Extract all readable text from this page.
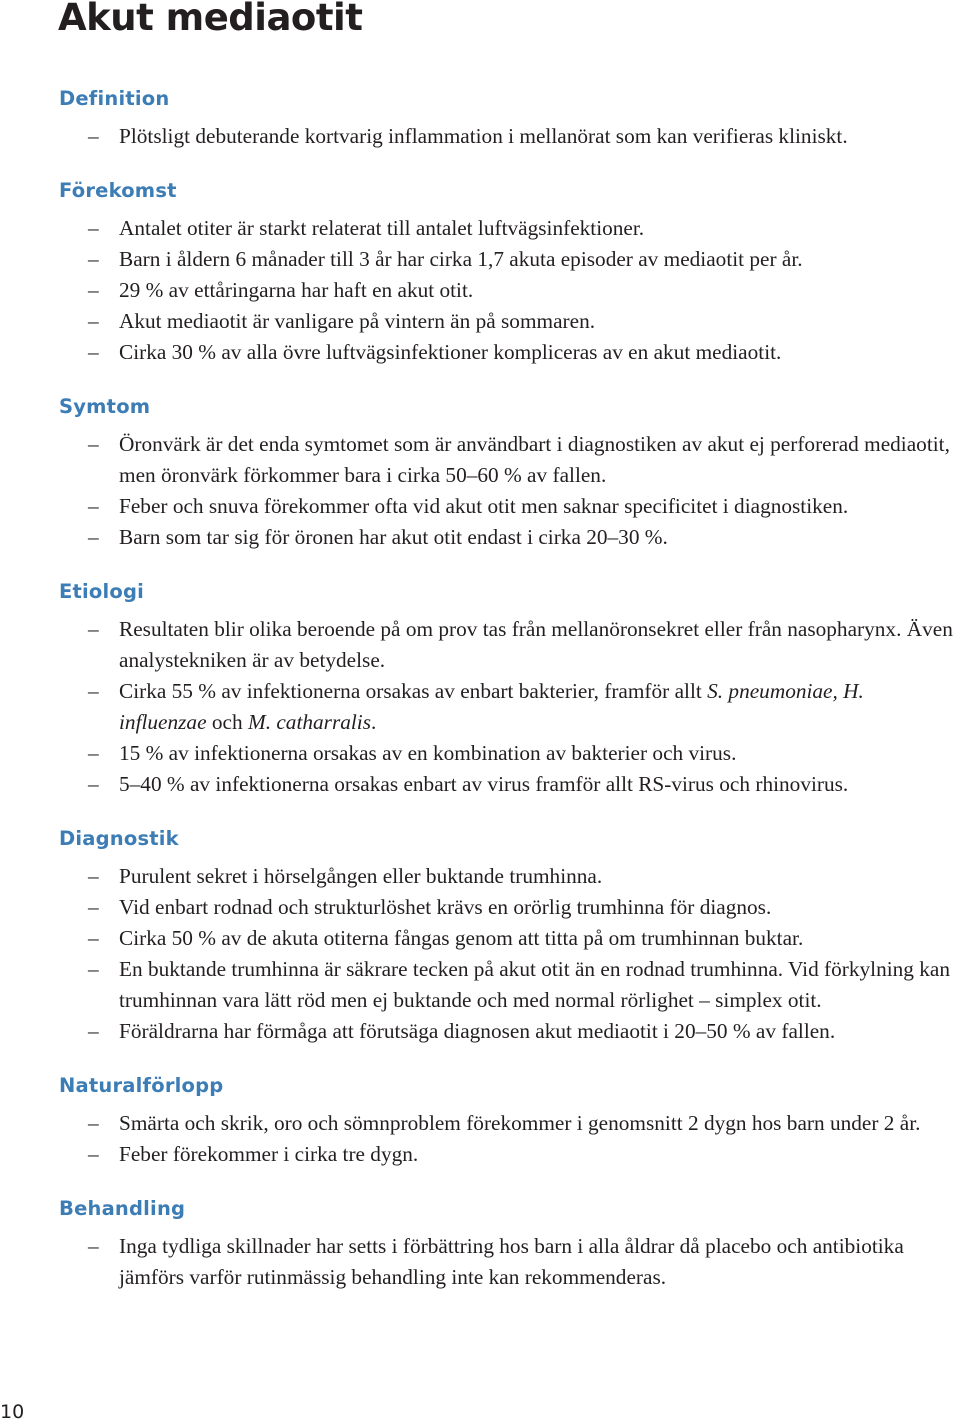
Akut mediaotit
Definition
– Plötsligt debuterande kortvarig inflammation i mellanörat som kan verifieras kliniskt.
Förekomst
– Antalet otiter är starkt relaterat till antalet luftvägsinfektioner.
– Barn i åldern 6 månader till 3 år har cirka 1,7 akuta episoder av mediaotit per år.
– 29 % av ettåringarna har haft en akut otit.
– Akut mediaotit är vanligare på vintern än på sommaren.
– Cirka 30 % av alla övre luftvägsinfektioner kompliceras av en akut mediaotit.
Symtom
– Öronvärk är det enda symtomet som är användbart i diagnostiken av akut ej perforerad mediaotit, men öronvärk förkommer bara i cirka 50–60 % av fallen.
– Feber och snuva förekommer ofta vid akut otit men saknar specificitet i diagnostiken.
– Barn som tar sig för öronen har akut otit endast i cirka 20–30 %.
Etiologi
– Resultaten blir olika beroende på om prov tas från mellanöronsekret eller från nasopharynx. Även analystekniken är av betydelse.
– Cirka 55 % av infektionerna orsakas av enbart bakterier, framför allt S. pneumoniae, H. influenzae och M. catharralis.
– 15 % av infektionerna orsakas av en kombination av bakterier och virus.
– 5–40 % av infektionerna orsakas enbart av virus framför allt RS-virus och rhinovirus.
Diagnostik
– Purulent sekret i hörselgången eller buktande trumhinna.
– Vid enbart rodnad och strukturlöshet krävs en orörlig trumhinna för diagnos.
– Cirka 50 % av de akuta otiterna fångas genom att titta på om trumhinnan buktar.
– En buktande trumhinna är säkrare tecken på akut otit än en rodnad trumhinna. Vid förkylning kan trumhinnan vara lätt röd men ej buktande och med normal rörlighet – simplex otit.
– Föräldrarna har förmåga att förutsäga diagnosen akut mediaotit i 20–50 % av fallen.
Naturalförlopp
– Smärta och skrik, oro och sömnproblem förekommer i genomsnitt 2 dygn hos barn under 2 år.
– Feber förekommer i cirka tre dygn.
Behandling
– Inga tydliga skillnader har setts i förbättring hos barn i alla åldrar då placebo och antibiotika jämförs varför rutinmässig behandling inte kan rekommenderas.
10
